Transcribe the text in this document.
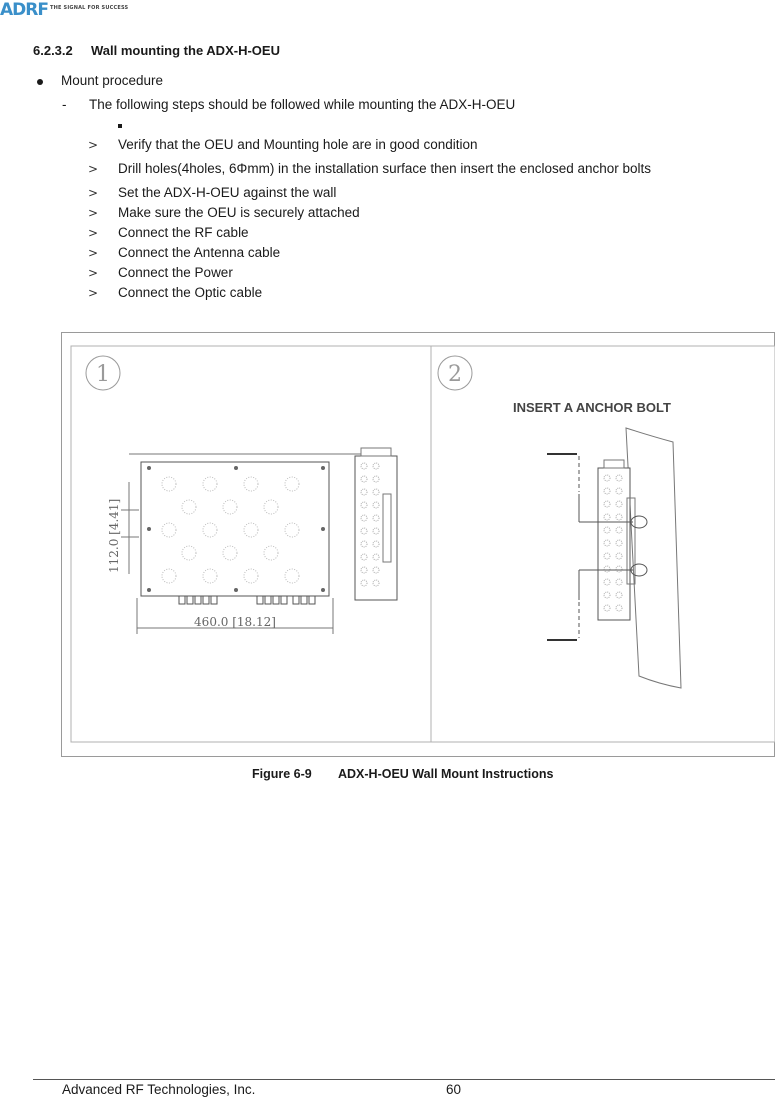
ADRF THE SIGNAL FOR SUCCESS
6.2.3.2 Wall mounting the ADX-H-OEU
Mount procedure
- The following steps should be followed while mounting the ADX-H-OEU
> Verify that the OEU and Mounting hole are in good condition
> Drill holes(4holes, 6Φmm) in the installation surface then insert the enclosed anchor bolts
> Set the ADX-H-OEU against the wall
> Make sure the OEU is securely attached
> Connect the RF cable
> Connect the Antenna cable
> Connect the Power
> Connect the Optic cable
1
112.0 [4.41]
460.0 [18.12]
2
INSERT A ANCHOR BOLT
Figure 6-9 ADX-H-OEU Wall Mount Instructions
Advanced RF Technologies, Inc.	60
